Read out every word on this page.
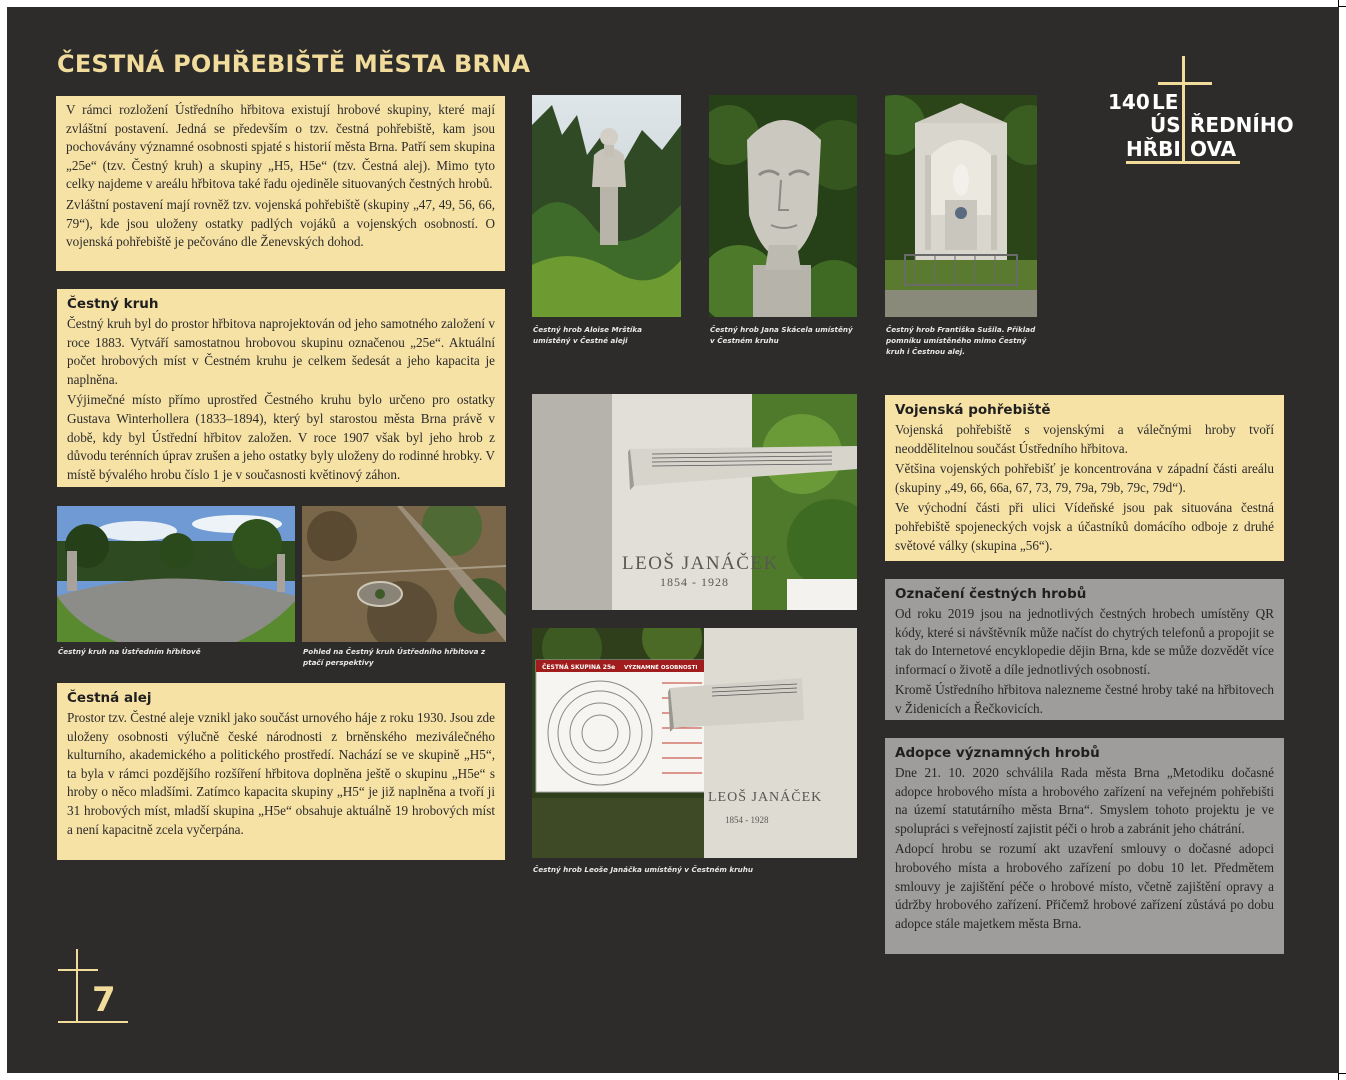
ČESTNÁ POHŘEBIŠTĚ MĚSTA BRNA
140 LE
ÚS ŘEDNÍHO
HŘBI OVA

V rámci rozložení Ústředního hřbitova existují hrobové skupiny, které mají zvláštní postavení. Jedná se především o tzv. čestná pohřebiště, kam jsou pochovávány významné osobnosti spjaté s historií města Brna. Patří sem skupina „25e“ (tzv. Čestný kruh) a skupiny „H5, H5e“ (tzv. Čestná alej). Mimo tyto celky najdeme v areálu hřbitova také řadu ojediněle situovaných čestných hrobů.

Zvláštní postavení mají rovněž tzv. vojenská pohřebiště (skupiny „47, 49, 56, 66, 79“), kde jsou uloženy ostatky padlých vojáků a vojenských osobností. O vojenská pohřebiště je pečováno dle Ženevských dohod.

Čestný kruh

Čestný kruh byl do prostor hřbitova naprojektován od jeho samotného založení v roce 1883. Vytváří samostatnou hrobovou skupinu označenou „25e“. Aktuální počet hrobových míst v Čestném kruhu je celkem šedesát a jeho kapacita je naplněna.

Výjimečné místo přímo uprostřed Čestného kruhu bylo určeno pro ostatky Gustava Winterhollera (1833–1894), který byl starostou města Brna právě v době, kdy byl Ústřední hřbitov založen. V roce 1907 však byl jeho hrob z důvodu terénních úprav zrušen a jeho ostatky byly uloženy do rodinné hrobky. V místě bývalého hrobu číslo 1 je v současnosti květinový záhon.

Čestná alej

Prostor tzv. Čestné aleje vznikl jako součást urnového háje z roku 1930. Jsou zde uloženy osobnosti výlučně české národnosti z brněnského meziválečného kulturního, akademického a politického prostředí. Nachází se ve skupině „H5“, ta byla v rámci pozdějšího rozšíření hřbitova doplněna ještě o skupinu „H5e“ s hroby o něco mladšími. Zatímco kapacita skupiny „H5“ je již naplněna a tvoří ji 31 hrobových míst, mladší skupina „H5e“ obsahuje aktuálně 19 hrobových míst a není kapacitně zcela vyčerpána.

Vojenská pohřebiště

Vojenská pohřebiště s vojenskými a válečnými hroby tvoří neoddělitelnou součást Ústředního hřbitova.

Většina vojenských pohřebišť je koncentrována v západní části areálu (skupiny „49, 66, 66a, 67, 73, 79, 79a, 79b, 79c, 79d“).

Ve východní části při ulici Vídeňské jsou pak situována čestná pohřebiště spojeneckých vojsk a účastníků domácího odboje z druhé světové války (skupina „56“).

Označení čestných hrobů

Od roku 2019 jsou na jednotlivých čestných hrobech umístěny QR kódy, které si návštěvník může načíst do chytrých telefonů a propojit se tak do Internetové encyklopedie dějin Brna, kde se může dozvědět více informací o životě a díle jednotlivých osobností.

Kromě Ústředního hřbitova nalezneme čestné hroby také na hřbitovech v Židenicích a Řečkovicích.

Adopce významných hrobů

Dne 21. 10. 2020 schválila Rada města Brna „Metodiku dočasné adopce hrobového místa a hrobového zařízení na veřejném pohřebišti na území statutárního města Brna“. Smyslem tohoto projektu je ve spolupráci s veřejností zajistit péči o hrob a zabránit jeho chátrání.

Adopcí hrobu se rozumí akt uzavření smlouvy o dočasné adopci hrobového místa a hrobového zařízení po dobu 10 let. Předmětem smlouvy je zajištění péče o hrobové místo, včetně zajištění opravy a údržby hrobového zařízení. Přičemž hrobové zařízení zůstává po dobu adopce stále majetkem města Brna.

Čestný hrob Aloise Mrštíka umístěný v Čestné aleji
Čestný hrob Jana Skácela umístěný v Čestném kruhu
Čestný hrob Františka Sušila. Příklad pomníku umístěného mimo Čestný kruh i Čestnou alej.
LEOŠ JANÁČEK
1854 - 1928
ČESTNÁ SKUPINA 25e VÝZNAMNÉ OSOBNOSTI
LEOŠ JANÁČEK
1854 - 1928
Čestný hrob Leoše Janáčka umístěný v Čestném kruhu
Čestný kruh na Ústředním hřbitově	Pohled na Čestný kruh Ústředního hřbitova z ptačí perspektivy
7
